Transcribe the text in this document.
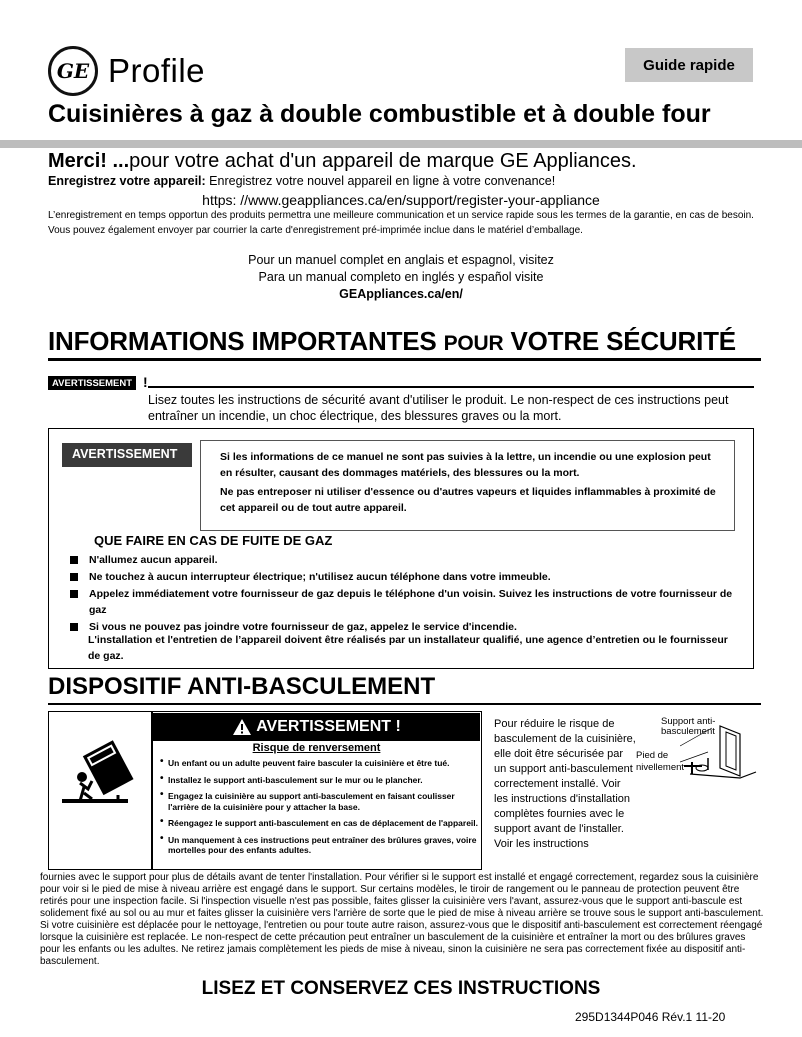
GE Profile	Guide rapide
Cuisinières à gaz à double combustible et à double four
Merci! ...pour votre achat d'un appareil de marque GE Appliances.
Enregistrez votre appareil: Enregistrez votre nouvel appareil en ligne à votre convenance!
https: //www.geappliances.ca/en/support/register-your-appliance
L’enregistrement en temps opportun des produits permettra une meilleure communication et un service rapide sous les termes de la garantie, en cas de besoin. Vous pouvez également envoyer par courrier la carte d'enregistrement pré-imprimée inclue dans le matériel d’emballage.
Pour un manuel complet en anglais et espagnol, visitez
Para un manual completo en inglés y español visite
GEAppliances.ca/en/
INFORMATIONS IMPORTANTES POUR VOTRE SÉCURITÉ
AVERTISSEMENT !
Lisez toutes les instructions de sécurité avant d'utiliser le produit. Le non-respect de ces instructions peut entraîner un incendie, un choc électrique, des blessures graves ou la mort.
AVERTISSEMENT	Si les informations de ce manuel ne sont pas suivies à la lettre, un incendie ou une explosion peut en résulter, causant des dommages matériels, des blessures ou la mort.
Ne pas entreposer ni utiliser d'essence ou d'autres vapeurs et liquides inflammables à proximité de cet appareil ou de tout autre appareil.
QUE FAIRE EN CAS DE FUITE DE GAZ
N'allumez aucun appareil.
Ne touchez à aucun interrupteur électrique; n'utilisez aucun téléphone dans votre immeuble.
Appelez immédiatement votre fournisseur de gaz depuis le téléphone d'un voisin. Suivez les instructions de votre fournisseur de gaz
Si vous ne pouvez pas joindre votre fournisseur de gaz, appelez le service d'incendie.
L'installation et l'entretien de l’appareil doivent être réalisés par un installateur qualifié, une agence d’entretien ou le fournisseur de gaz.
DISPOSITIF ANTI-BASCULEMENT
AVERTISSEMENT !
Risque de renversement
• Un enfant ou un adulte peuvent faire basculer la cuisinière et être tué.
• Installez le support anti-basculement sur le mur ou le plancher.
• Engagez la cuisinière au support anti-basculement en faisant coulisser l'arrière de la cuisinière pour y attacher la base.
• Réengagez le support anti-basculement en cas de déplacement de l'appareil.
• Un manquement à ces instructions peut entraîner des brûlures graves, voire mortelles pour des enfants adultes.
Pour réduire le risque de basculement de la cuisinière, elle doit être sécurisée par un support anti-basculement correctement installé. Voir les instructions d'installation complètes fournies avec le support avant de l'installer. Voir les instructions
Support anti-basculement
Pied de nivellement
fournies avec le support pour plus de détails avant de tenter l'installation. Pour vérifier si le support est installé et engagé correctement, regardez sous la cuisinière pour voir si le pied de mise à niveau arrière est engagé dans le support. Sur certains modèles, le tiroir de rangement ou le panneau de protection peuvent être retirés pour une inspection facile. Si l'inspection visuelle n'est pas possible, faites glisser la cuisinière vers l'avant, assurez-vous que le support anti-bascule est solidement fixé au sol ou au mur et faites glisser la cuisinière vers l'arrière de sorte que le pied de mise à niveau arrière se trouve sous le support anti-basculement. Si votre cuisinière est déplacée pour le nettoyage, l'entretien ou pour toute autre raison, assurez-vous que le dispositif anti-basculement est correctement réengagé lorsque la cuisinière est replacée. Le non-respect de cette précaution peut entraîner un basculement de la cuisinière et entraîner la mort ou des brûlures graves pour les enfants ou les adultes. Ne retirez jamais complètement les pieds de mise à niveau, sinon la cuisinière ne sera pas correctement fixée au dispositif anti-basculement.
LISEZ ET CONSERVEZ CES INSTRUCTIONS
295D1344P046 Rév.1 11-20
